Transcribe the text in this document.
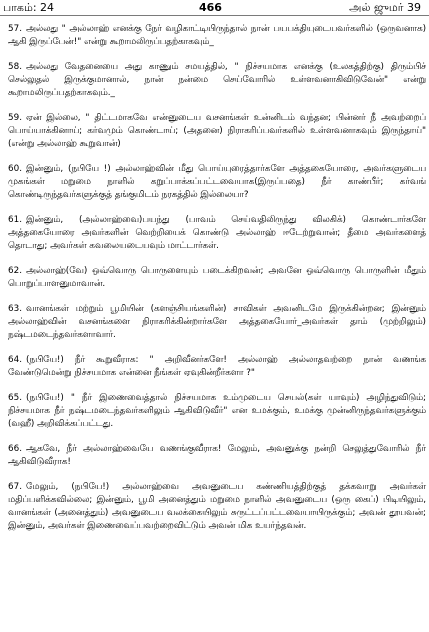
பாகம்: 24	466	அல் ஜுமர் 39

57. அல்லது " அல்லாஹ் எனக்கு நேர் வழிகாட்டியிருந்தால் நான் பயபக்தியுடையவர்களில் (ஒருவனாக) ஆகி இருப்பேன்!" என்று கூறாமலிருப்பதற்காகவும்_

58. அல்லது வேதனையை அது காணும் சமயத்தில், " நிச்சயமாக எனக்கு (உலகத்திற்கு) திரும்பிச் செல்லுதல் இருக்குமானால், நான் நன்மை செய்வோரில் உள்ளவனாகிவிடுவேன்" என்று கூறாமலிருப்பதற்காகவும்._

59. ஏன் இல்லை, " திட்டமாகவே என்னுடைய வசனங்கள் உன்னிடம் வந்தன; பின்னர் நீ அவற்றைப் பொய்யாக்கினாய்; கர்வமும் கொண்டாய்; (அதனை) நிராகரிப்பவர்களில் உள்ளவனாகவும் இருந்தாய்" (என்று அல்லாஹ் கூறுவான்)

60. இன்னும், (நபியே !) அல்லாஹ்வின் மீது பொய்யுரைத்தார்களே அத்தகையோரை, அவர்களுடைய முகங்கள் மறுமை நாளில் கறுப்பாக்கப்பட்டவையாக(இருப்பதை) நீர் காண்பீர்; கர்வங் கொண்டிருந்தவர்களுக்குத் தங்குமிடம் நரகத்தில் இல்லையா?

61. இன்னும், (அல்லாஹ்வை)பயந்து (பாவம் செய்வதிலிருந்து விலகிக்) கொண்டார்களே அத்தகையோரை அவர்களின் வெற்றியைக் கொண்டு அல்லாஹ் ஈடேற்றுவான்; தீமை அவர்களைத் தொடாது; அவர்கள் கவலையடையவும் மாட்டார்கள்.

62. அல்லாஹ்(வே) ஒவ்வொரு பொருளையும் படைக்கிறவன்; அவனே ஒவ்வொரு பொருளின் மீதும் பொறுப்பாளனுமாவான்.

63. வானங்கள் மற்றும் பூமியின் (களஞ்சியங்களின்) சாவிகள் அவனிடமே இருக்கின்றன; இன்னும் அல்லாஹ்வின் வசனங்களை நிராகரிக்கின்றார்களே அத்தகையோர்_அவர்கள் தாம் (முற்றிலும்) நஷ்டமடைந்தவர்களாவார்.

64. (நபியே!) நீர் கூறுவீராக: " அறிவீனர்களே! அல்லாஹ் அல்லாதவற்றை நான் வணங்க வேண்டுமென்று நிச்சயமாக என்னை நீங்கள் ஏவுகின்றீர்களா ?"

65. (நபியே!) " நீர் இணைவைத்தால் நிச்சயமாக உம்முடைய செயல்(கள் யாவும்) அழிந்துவிடும்; நிச்சயமாக நீர் நஷ்டமடைந்தவர்களிலும் ஆகிவிடுவீர்" என உமக்கும், உமக்கு முன்னிருந்தவர்களுக்கும் (வஹீ) அறிவிக்கப்பட்டது.

66. ஆகவே, நீர் அல்லாஹ்வையே வணங்குவீராக! மேலும், அவனுக்கு நன்றி செலுத்துவோரில் நீர் ஆகிவிடுவீராக!

67. மேலும், (நபியே!) அல்லாஹ்வை அவனுடைய கண்ணியத்திற்குத் தக்கவாறு அவர்கள் மதிப்பளிக்கவில்லை; இன்னும், பூமி அனைத்தும் மறுமை நாளில் அவனுடைய (ஒரு கைப்) பிடியிலும், வானங்கள் (அனைத்தும்) அவனுடைய வலக்கையிலும் சுருட்டப்பட்டவையாயிருக்கும்; அவன் தூயவன்; இன்னும், அவர்கள் இணைவைப்பவற்றைவிட்டும் அவன் மிக உயர்ந்தவன்.
